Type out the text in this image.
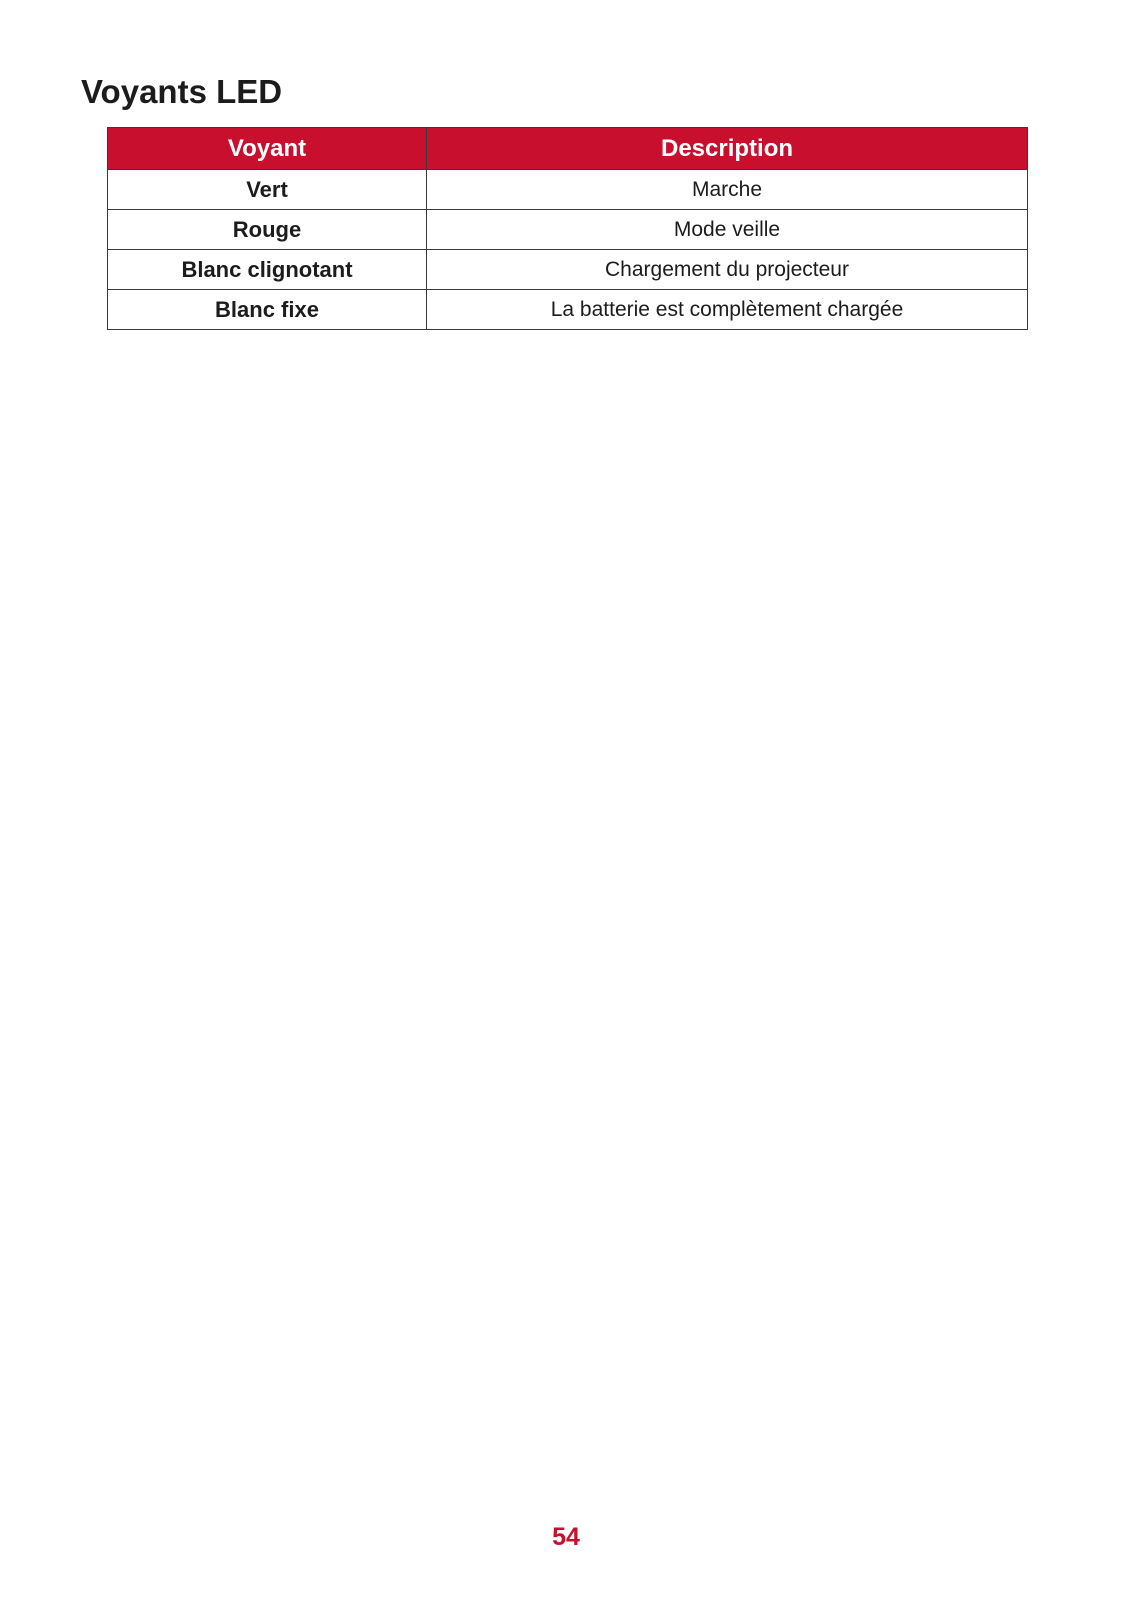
Voyants LED
Voyant	Description
Vert	Marche
Rouge	Mode veille
Blanc clignotant	Chargement du projecteur
Blanc fixe	La batterie est complètement chargée
54
